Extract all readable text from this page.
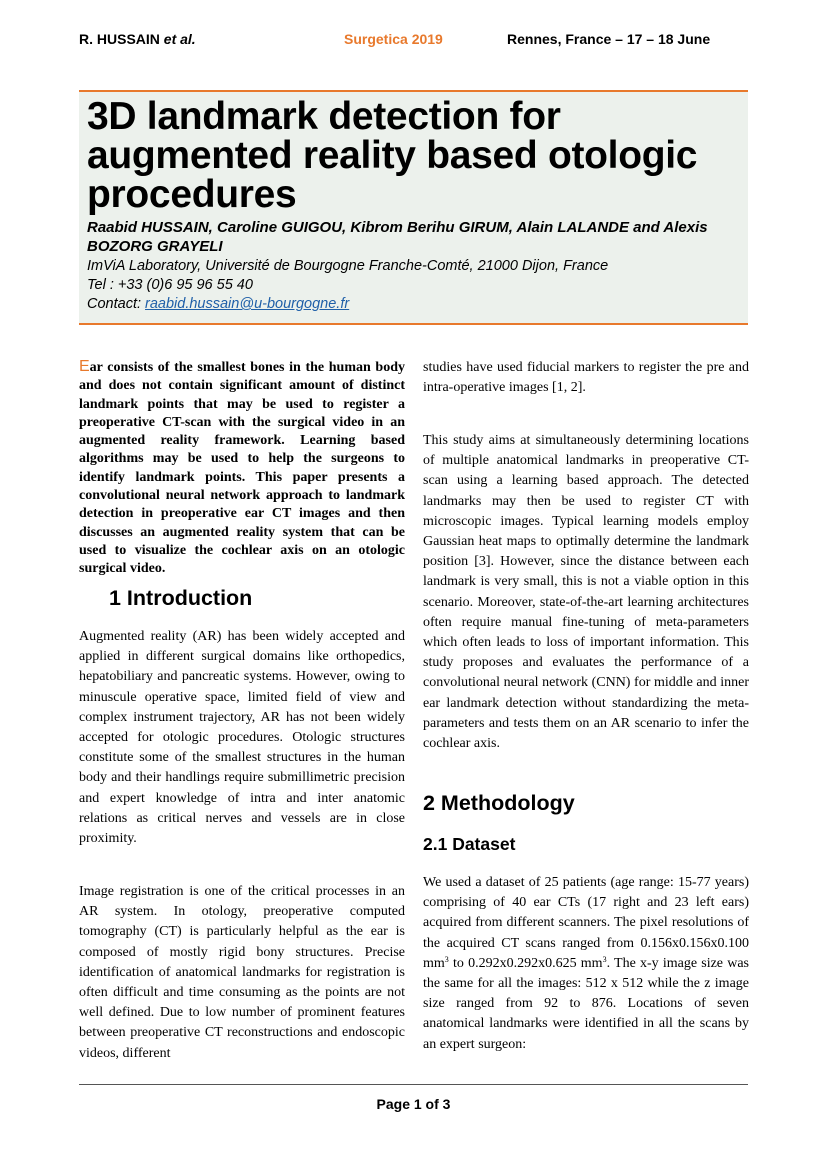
R. HUSSAIN et al.	Surgetica 2019	Rennes, France – 17 – 18 June
3D landmark detection for augmented reality based otologic procedures
Raabid HUSSAIN, Caroline GUIGOU, Kibrom Berihu GIRUM, Alain LALANDE and Alexis BOZORG GRAYELI
ImViA Laboratory, Université de Bourgogne Franche-Comté, 21000 Dijon, France
Tel : +33 (0)6 95 96 55 40
Contact: raabid.hussain@u-bourgogne.fr
Ear consists of the smallest bones in the human body and does not contain significant amount of distinct landmark points that may be used to register a preoperative CT-scan with the surgical video in an augmented reality framework. Learning based algorithms may be used to help the surgeons to identify landmark points. This paper presents a convolutional neural network approach to landmark detection in preoperative ear CT images and then discusses an augmented reality system that can be used to visualize the cochlear axis on an otologic surgical video.
1 Introduction

Augmented reality (AR) has been widely accepted and applied in different surgical domains like orthopedics, hepatobiliary and pancreatic systems. However, owing to minuscule operative space, limited field of view and complex instrument trajectory, AR has not been widely accepted for otologic procedures. Otologic structures constitute some of the smallest structures in the human body and their handlings require submillimetric precision and expert knowledge of intra and inter anatomic relations as critical nerves and vessels are in close proximity.

Image registration is one of the critical processes in an AR system. In otology, preoperative computed tomography (CT) is particularly helpful as the ear is composed of mostly rigid bony structures. Precise identification of anatomical landmarks for registration is often difficult and time consuming as the points are not well defined. Due to low number of prominent features between preoperative CT reconstructions and endoscopic videos, different

studies have used fiducial markers to register the pre and intra-operative images [1, 2].

This study aims at simultaneously determining locations of multiple anatomical landmarks in preoperative CT-scan using a learning based approach. The detected landmarks may then be used to register CT with microscopic images. Typical learning models employ Gaussian heat maps to optimally determine the landmark position [3]. However, since the distance between each landmark is very small, this is not a viable option in this scenario. Moreover, state-of-the-art learning architectures often require manual fine-tuning of meta-parameters which often leads to loss of important information. This study proposes and evaluates the performance of a convolutional neural network (CNN) for middle and inner ear landmark detection without standardizing the meta-parameters and tests them on an AR scenario to infer the cochlear axis.

2 Methodology
2.1 Dataset

We used a dataset of 25 patients (age range: 15-77 years) comprising of 40 ear CTs (17 right and 23 left ears) acquired from different scanners. The pixel resolutions of the acquired CT scans ranged from 0.156x0.156x0.100 $mm^3$ to 0.292x0.292x0.625 $mm^3$. The x-y image size was the same for all the images: 512 x 512 while the z image size ranged from 92 to 876. Locations of seven anatomical landmarks were identified in all the scans by an expert surgeon:

Page 1 of 3
